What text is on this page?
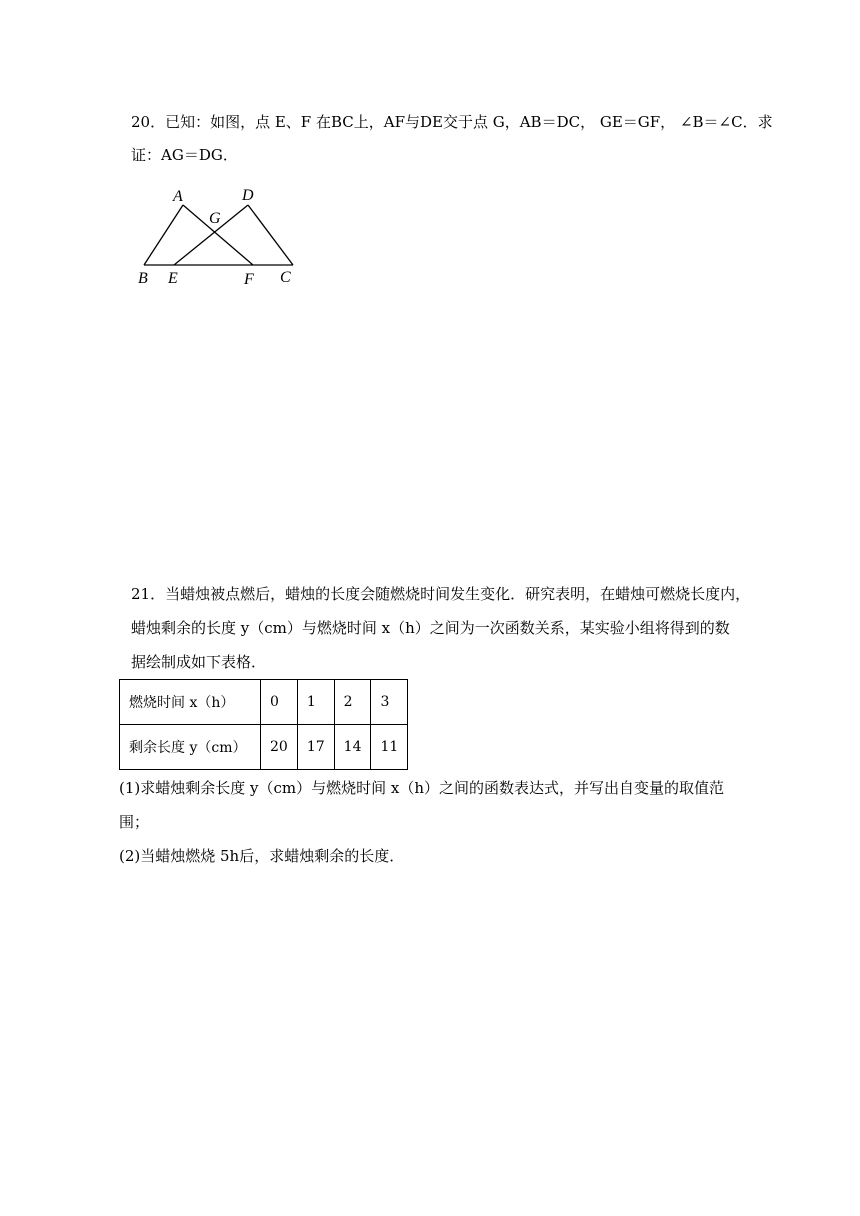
20．已知：如图，点 E、F 在BC上，AF与DE交于点 G，AB＝DC， GE＝GF， ∠B＝∠C．求
证：AG＝DG．
A	D
G
B E	F C
21．当蜡烛被点燃后，蜡烛的长度会随燃烧时间发生变化．研究表明，在蜡烛可燃烧长度内，
蜡烛剩余的长度 y（cm）与燃烧时间 x（h）之间为一次函数关系，某实验小组将得到的数
据绘制成如下表格．
燃烧时间 x（h）	0	1	2	3
剩余长度 y（cm）	20	17	14	11
(1)求蜡烛剩余长度 y（cm）与燃烧时间 x（h）之间的函数表达式，并写出自变量的取值范
围；
(2)当蜡烛燃烧 5h后，求蜡烛剩余的长度．
